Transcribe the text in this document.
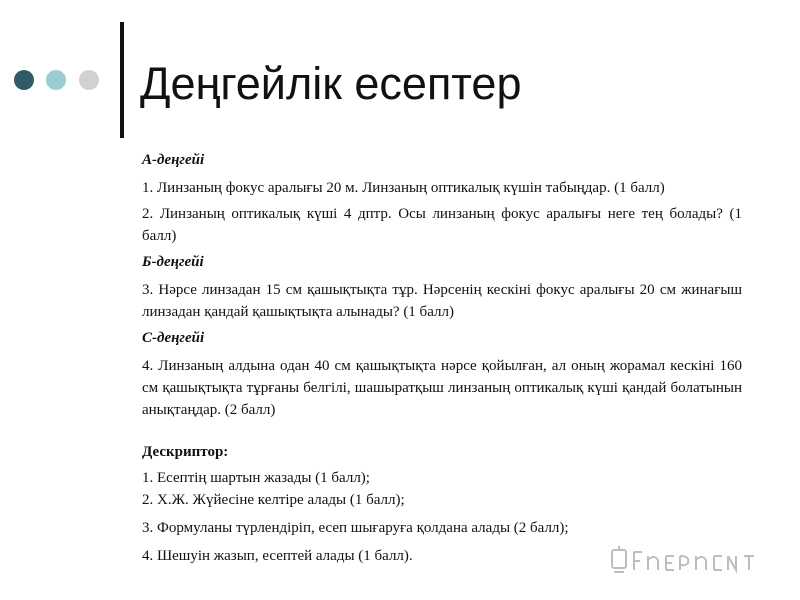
Деңгейлік есептер

А-деңгейі

1. Линзаның фокус аралығы 20 м. Линзаның оптикалық күшін табыңдар. (1 балл)

2. Линзаның оптикалық күші 4 дптр. Осы линзаның фокус аралығы неге тең болады? (1 балл)

Б-деңгейі

3. Нәрсе линзадан 15 см қашықтықта тұр. Нәрсенің кескіні фокус аралығы 20 см жинағыш линзадан қандай қашықтықта алынады? (1 балл)

С-деңгейі

4. Линзаның алдына одан 40 см қашықтықта нәрсе қойылған, ал оның жорамал кескіні 160 см қашықтықта тұрғаны белгілі, шашыратқыш линзаның оптикалық күші қандай болатынын анықтаңдар. (2 балл)

Дескриптор:

1. Есептің шартын жазады (1 балл);

2. Х.Ж. Жүйесіне келтіре алады (1 балл);

3. Формуланы түрлендіріп, есеп шығаруға қолдана алады (2 балл);

4. Шешуін жазып, есептей алады (1 балл).
